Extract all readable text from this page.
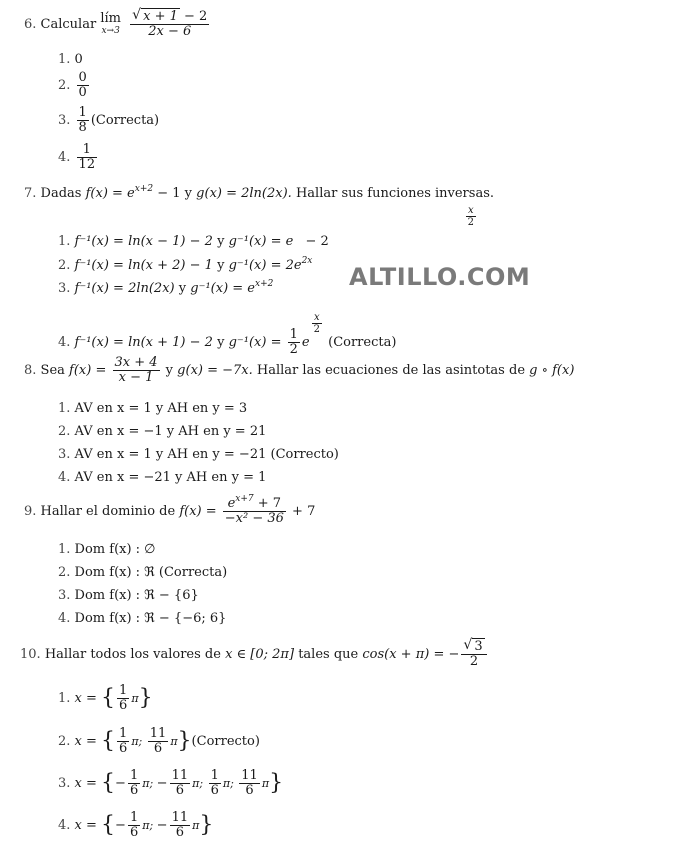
ALTILLO.COM
6. Calcular lím
x→3
$\frac{√ x + 1 - 2}{2x - 6}$
1. 0
2. $\frac{0}{0}$
3. $\frac{1}{8}$ (Correcta)
4. $\frac{1}{12}$
7. Dadas $f(x) = e^{x+2} - 1$ y g(x) = 2ln(2x). Hallar sus funciones inversas.
1. f⁻¹(x) = ln(x − 1) − 2 y g⁻¹(x) = e
$\frac{x}{2}$
− 2
2. f⁻¹(x) = ln(x + 2) − 1 y $g^{-1}(x) = 2e^{2x}$
3. f⁻¹(x) = 2ln(2x) y $g^{-1}(x) = e^{x+2}$
4. f⁻¹(x) = ln(x + 1) − 2 y $g^{-1}(x) = \frac{1}{2}$ e
$\frac{x}{2}$
(Correcta)
8. Sea $f(x) = \frac{3x + 4}{x - 1}$ y g(x) = −7x. Hallar las ecuaciones de las asintotas de g ∘ f(x)
1. AV en x = 1 y AH en y = 3
2. AV en x = −1 y AH en y = 21
3. AV en x = 1 y AH en y = −21 (Correcto)
4. AV en x = −21 y AH en y = 1
9. Hallar el dominio de $f(x) = \frac{e^{x+7} + 7}{\text{−x² − 36}} + 7$
1. Dom f(x) : ∅
2. Dom f(x) : ℜ (Correcta)
3. Dom f(x) : ℜ − {6}
4. Dom f(x) : ℜ − {−6; 6}
10. Hallar todos los valores de x ∈ [0; 2π] tales que cos(x + π) = − $\frac{√ 3}{2}$
1. x = { $\frac{1}{6} \pi$}
2. x = { $\frac{1}{6} \pi$; $\frac{11}{6}$ π}(Correcto)
3. x = {− $\frac{1}{6} \pi$; − $\frac{11}{6} \pi$; $\frac{1}{6} \pi$; $\frac{11}{6} \pi$}
4. x = {− $\frac{1}{6} \pi$; − $\frac{11}{6} \pi$}
